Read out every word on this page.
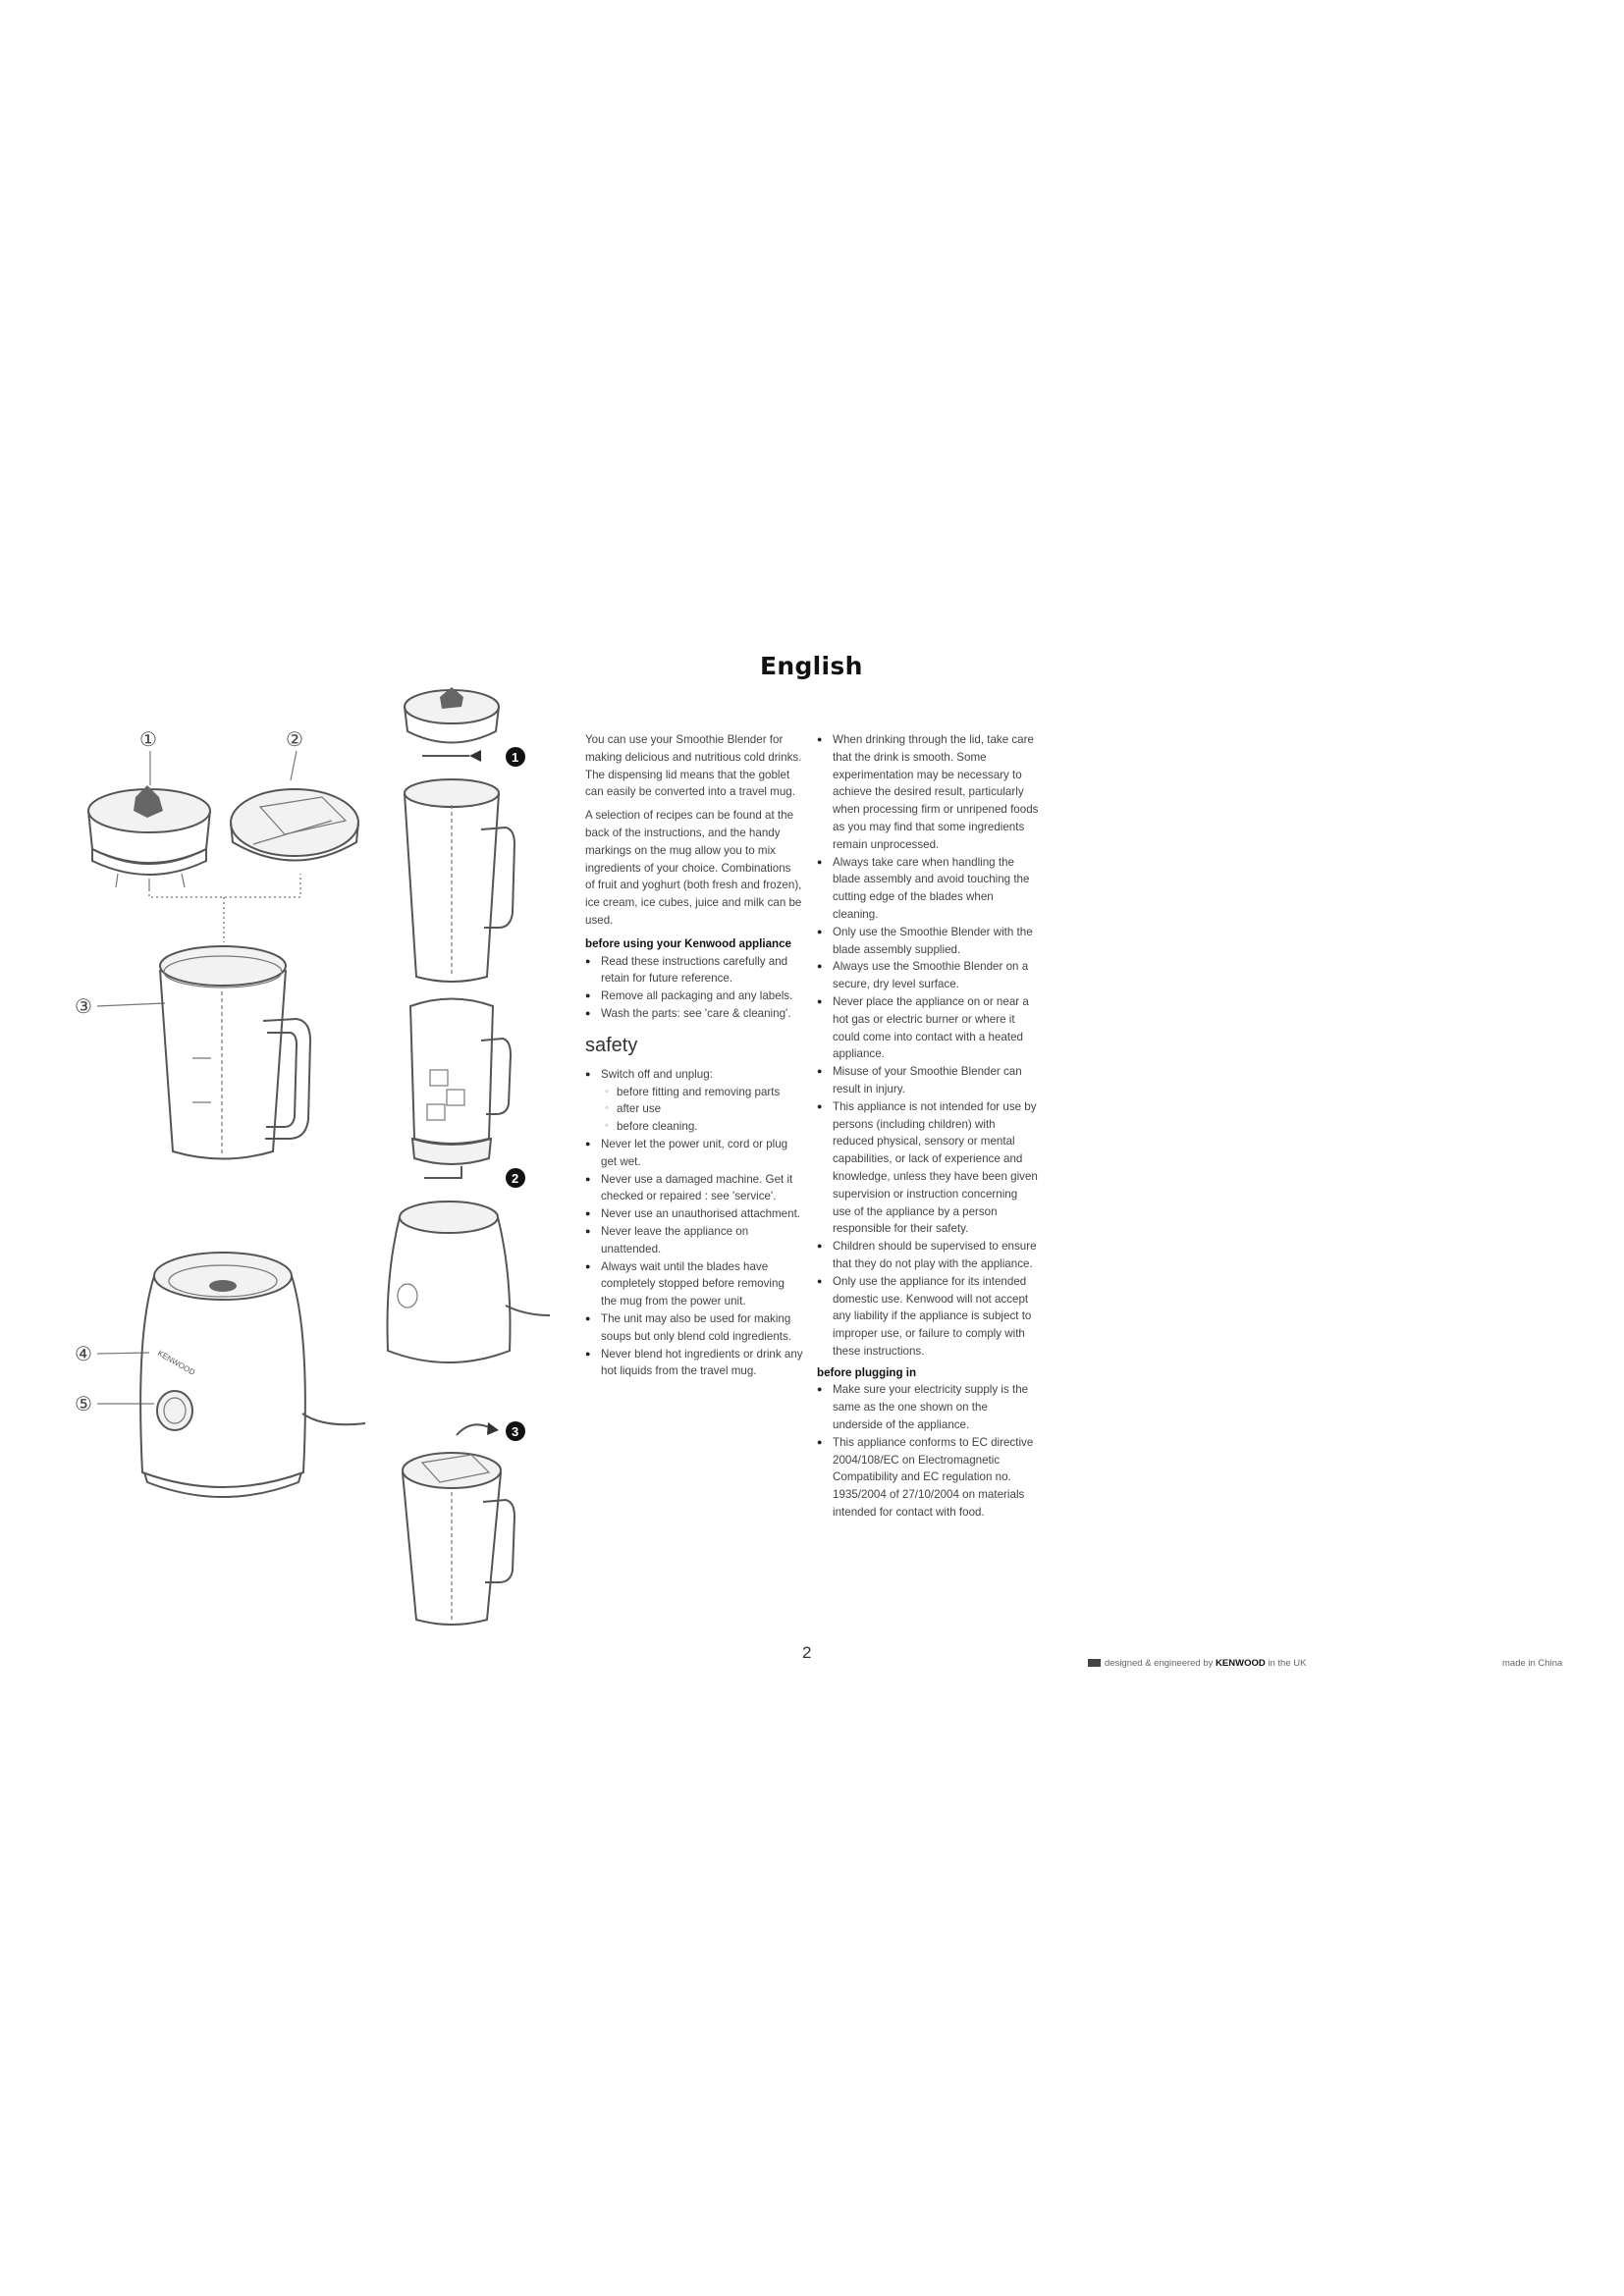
①	②
③
④
⑤
KENWOOD
1
2
3
English

You can use your Smoothie Blender for making delicious and nutritious cold drinks. The dispensing lid means that the goblet can easily be converted into a travel mug.

A selection of recipes can be found at the back of the instructions, and the handy markings on the mug allow you to mix ingredients of your choice. Combinations of fruit and yoghurt (both fresh and frozen), ice cream, ice cubes, juice and milk can be used.

before using your Kenwood appliance
● Read these instructions carefully and retain for future reference.
● Remove all packaging and any labels.
● Wash the parts: see 'care & cleaning'.
safety
● Switch off and unplug:
◦ before fitting and removing parts
◦ after use
◦ before cleaning.
● Never let the power unit, cord or plug get wet.
● Never use a damaged machine. Get it checked or repaired : see 'service'.
● Never use an unauthorised attachment.
● Never leave the appliance on unattended.
● Always wait until the blades have completely stopped before removing the mug from the power unit.
● The unit may also be used for making soups but only blend cold ingredients.
● Never blend hot ingredients or drink any hot liquids from the travel mug.
● When drinking through the lid, take care that the drink is smooth. Some experimentation may be necessary to achieve the desired result, particularly when processing firm or unripened foods as you may find that some ingredients remain unprocessed.
● Always take care when handling the blade assembly and avoid touching the cutting edge of the blades when cleaning.
● Only use the Smoothie Blender with the blade assembly supplied.
● Always use the Smoothie Blender on a secure, dry level surface.
● Never place the appliance on or near a hot gas or electric burner or where it could come into contact with a heated appliance.
● Misuse of your Smoothie Blender can result in injury.
● This appliance is not intended for use by persons (including children) with reduced physical, sensory or mental capabilities, or lack of experience and knowledge, unless they have been given supervision or instruction concerning use of the appliance by a person responsible for their safety.
● Children should be supervised to ensure that they do not play with the appliance.
● Only use the appliance for its intended domestic use. Kenwood will not accept any liability if the appliance is subject to improper use, or failure to comply with these instructions.
before plugging in
● Make sure your electricity supply is the same as the one shown on the underside of the appliance.
● This appliance conforms to EC directive 2004/108/EC on Electromagnetic Compatibility and EC regulation no. 1935/2004 of 27/10/2004 on materials intended for contact with food.
2
designed & engineered by KENWOOD in the UK	made in China
